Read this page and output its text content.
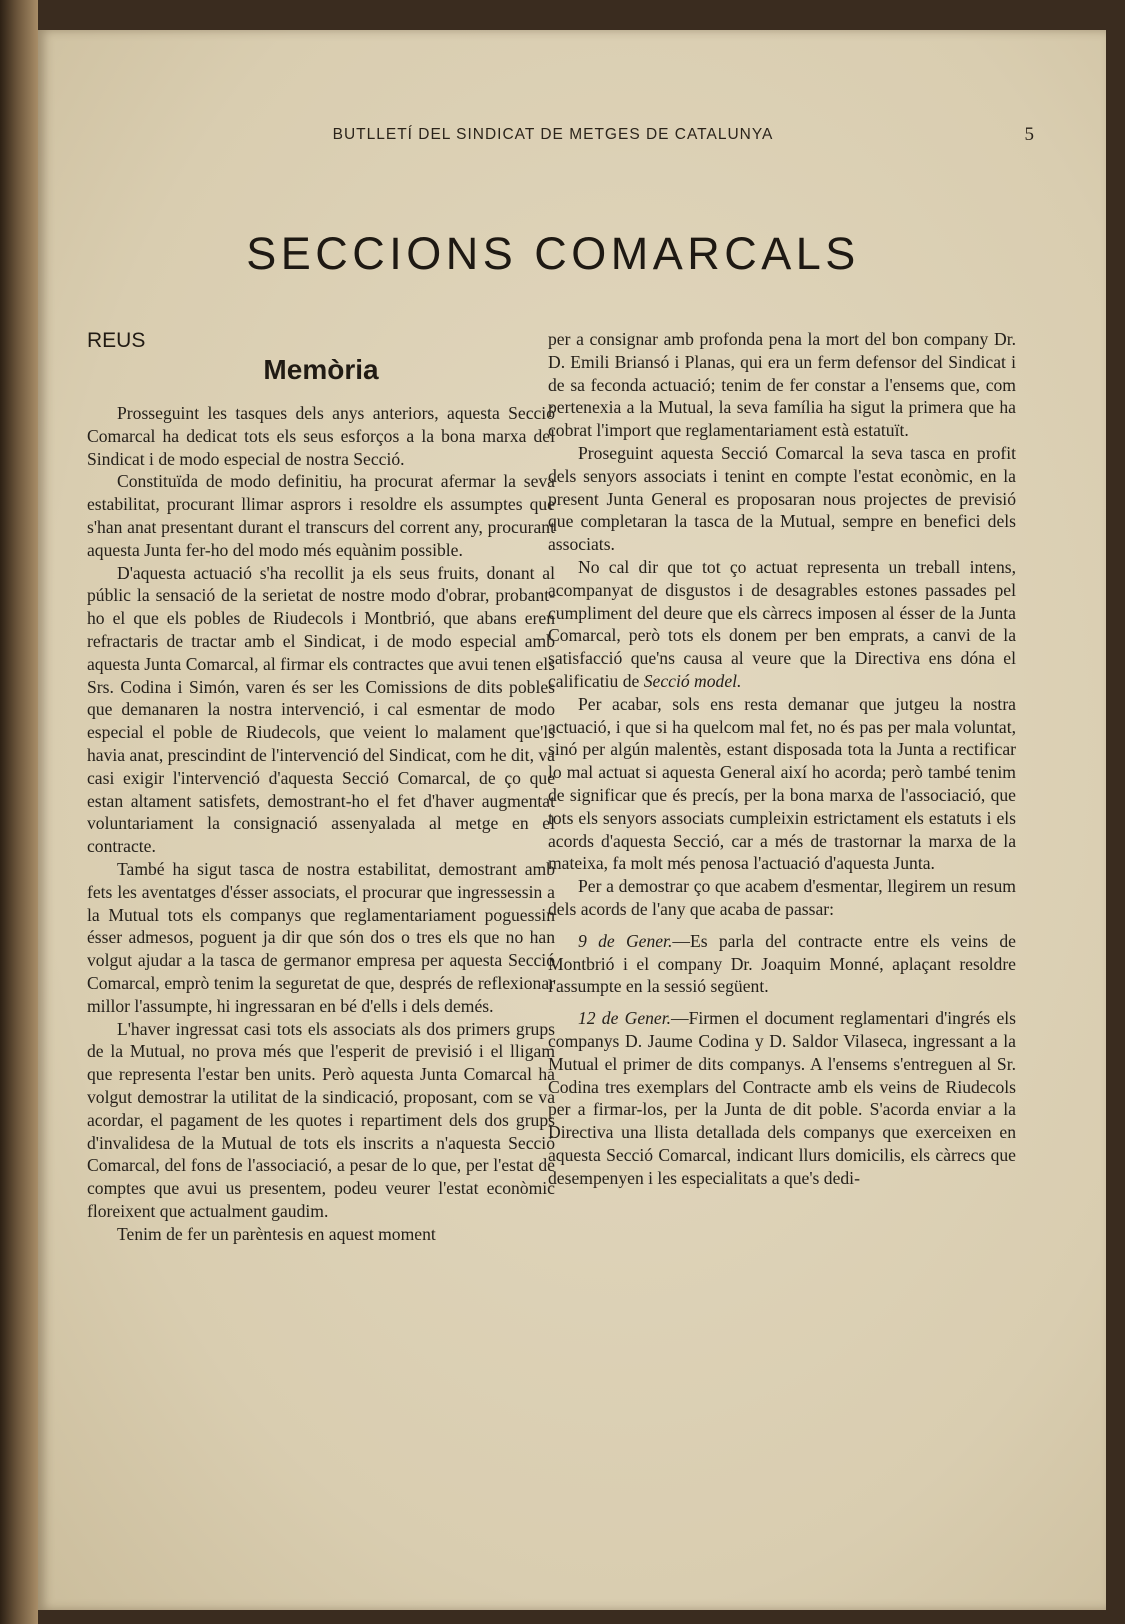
BUTLLETÍ DEL SINDICAT DE METGES DE CATALUNYA	5
SECCIONS COMARCALS
REUS
Memòria

Prosseguint les tasques dels anys anteriors, aquesta Secció Comarcal ha dedicat tots els seus esforços a la bona marxa del Sindicat i de modo especial de nostra Secció.

Constituïda de modo definitiu, ha procurat afermar la seva estabilitat, procurant llimar asprors i resoldre els assumptes que s'han anat presentant durant el transcurs del corrent any, procurant aquesta Junta fer-ho del modo més equànim possible.

D'aquesta actuació s'ha recollit ja els seus fruits, donant al públic la sensació de la serietat de nostre modo d'obrar, probant-ho el que els pobles de Riudecols i Montbrió, que abans eren refractaris de tractar amb el Sindicat, i de modo especial amb aquesta Junta Comarcal, al firmar els contractes que avui tenen els Srs. Codina i Simón, varen és ser les Comissions de dits pobles que demanaren la nostra intervenció, i cal esmentar de modo especial el poble de Riudecols, que veient lo malament que'ls havia anat, prescindint de l'intervenció del Sindicat, com he dit, va casi exigir l'intervenció d'aquesta Secció Comarcal, de ço que estan altament satisfets, demostrant-ho el fet d'haver augmentat voluntariament la consignació assenyalada al metge en el contracte.

També ha sigut tasca de nostra estabilitat, demostrant amb fets les aventatges d'ésser associats, el procurar que ingressessin a la Mutual tots els companys que reglamentariament poguessin ésser admesos, poguent ja dir que són dos o tres els que no han volgut ajudar a la tasca de germanor empresa per aquesta Secció Comarcal, emprò tenim la seguretat de que, després de reflexionar millor l'assumpte, hi ingressaran en bé d'ells i dels demés.

L'haver ingressat casi tots els associats als dos primers grups de la Mutual, no prova més que l'esperit de previsió i el lligam que representa l'estar ben units. Però aquesta Junta Comarcal ha volgut demostrar la utilitat de la sindicació, proposant, com se va acordar, el pagament de les quotes i repartiment dels dos grups d'invalidesa de la Mutual de tots els inscrits a n'aquesta Secció Comarcal, del fons de l'associació, a pesar de lo que, per l'estat de comptes que avui us presentem, podeu veurer l'estat econòmic floreixent que actualment gaudim.

Tenim de fer un parèntesis en aquest moment

per a consignar amb profonda pena la mort del bon company Dr. D. Emili Briansó i Planas, qui era un ferm defensor del Sindicat i de sa feconda actuació; tenim de fer constar a l'ensems que, com pertenexia a la Mutual, la seva família ha sigut la primera que ha cobrat l'import que reglamentariament està estatuït.

Proseguint aquesta Secció Comarcal la seva tasca en profit dels senyors associats i tenint en compte l'estat econòmic, en la present Junta General es proposaran nous projectes de previsió que completaran la tasca de la Mutual, sempre en benefici dels associats.

No cal dir que tot ço actuat representa un treball intens, acompanyat de disgustos i de desagrables estones passades pel cumpliment del deure que els càrrecs imposen al ésser de la Junta Comarcal, però tots els donem per ben emprats, a canvi de la satisfacció que'ns causa al veure que la Directiva ens dóna el calificatiu de Secció model.

Per acabar, sols ens resta demanar que jutgeu la nostra actuació, i que si ha quelcom mal fet, no és pas per mala voluntat, sinó per algún malentès, estant disposada tota la Junta a rectificar lo mal actuat si aquesta General així ho acorda; però també tenim de significar que és precís, per la bona marxa de l'associació, que tots els senyors associats cumpleixin estrictament els estatuts i els acords d'aquesta Secció, car a més de trastornar la marxa de la mateixa, fa molt més penosa l'actuació d'aquesta Junta.

Per a demostrar ço que acabem d'esmentar, llegirem un resum dels acords de l'any que acaba de passar:

9 de Gener.—Es parla del contracte entre els veins de Montbrió i el company Dr. Joaquim Monné, aplaçant resoldre l'assumpte en la sessió següent.

12 de Gener.—Firmen el document reglamentari d'ingrés els companys D. Jaume Codina y D. Saldor Vilaseca, ingressant a la Mutual el primer de dits companys. A l'ensems s'entreguen al Sr. Codina tres exemplars del Contracte amb els veins de Riudecols per a firmar-los, per la Junta de dit poble. S'acorda enviar a la Directiva una llista detallada dels companys que exerceixen en aquesta Secció Comarcal, indicant llurs domicilis, els càrrecs que desempenyen i les especialitats a que's dedi-
